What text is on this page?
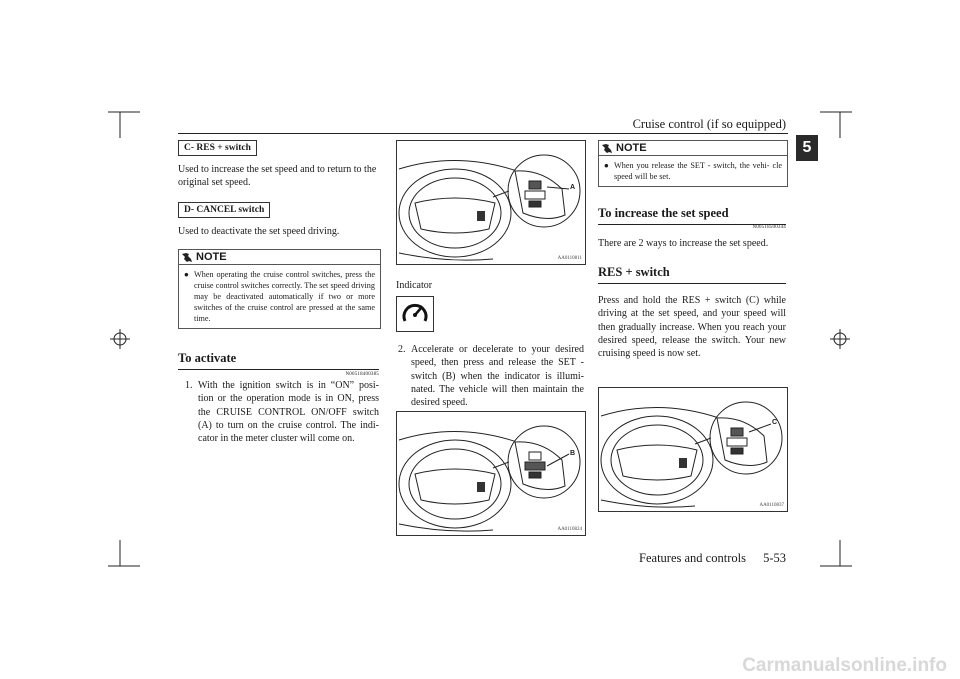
Cruise control (if so equipped)
5
C- RES + switch
Used to increase the set speed and to return to the original set speed.
D- CANCEL switch
Used to deactivate the set speed driving.
NOTE
● When operating the cruise control switches, press the cruise control switches correctly. The set speed driving may be deactivated automatically if two or more switches of the cruise control are pressed at the same time.
To activate
N00518400385
1. With the ignition switch is in “ON” posi- tion or the operation mode is in ON, press the CRUISE CONTROL ON/OFF switch (A) to turn on the cruise control. The indi- cator in the meter cluster will come on.
A
AA0110811
Indicator
2. Accelerate or decelerate to your desired speed, then press and release the SET - switch (B) when the indicator is illumi- nated. The vehicle will then maintain the desired speed.
B
AA0110824
NOTE
● When you release the SET - switch, the vehi- cle speed will be set.
To increase the set speed
N00518500344
There are 2 ways to increase the set speed.
RES + switch
Press and hold the RES + switch (C) while driving at the set speed, and your speed will then gradually increase. When you reach your desired speed, release the switch. Your new cruising speed is now set.
C
AA0110837
Features and controls 5-53
Carmanualsonline.info
